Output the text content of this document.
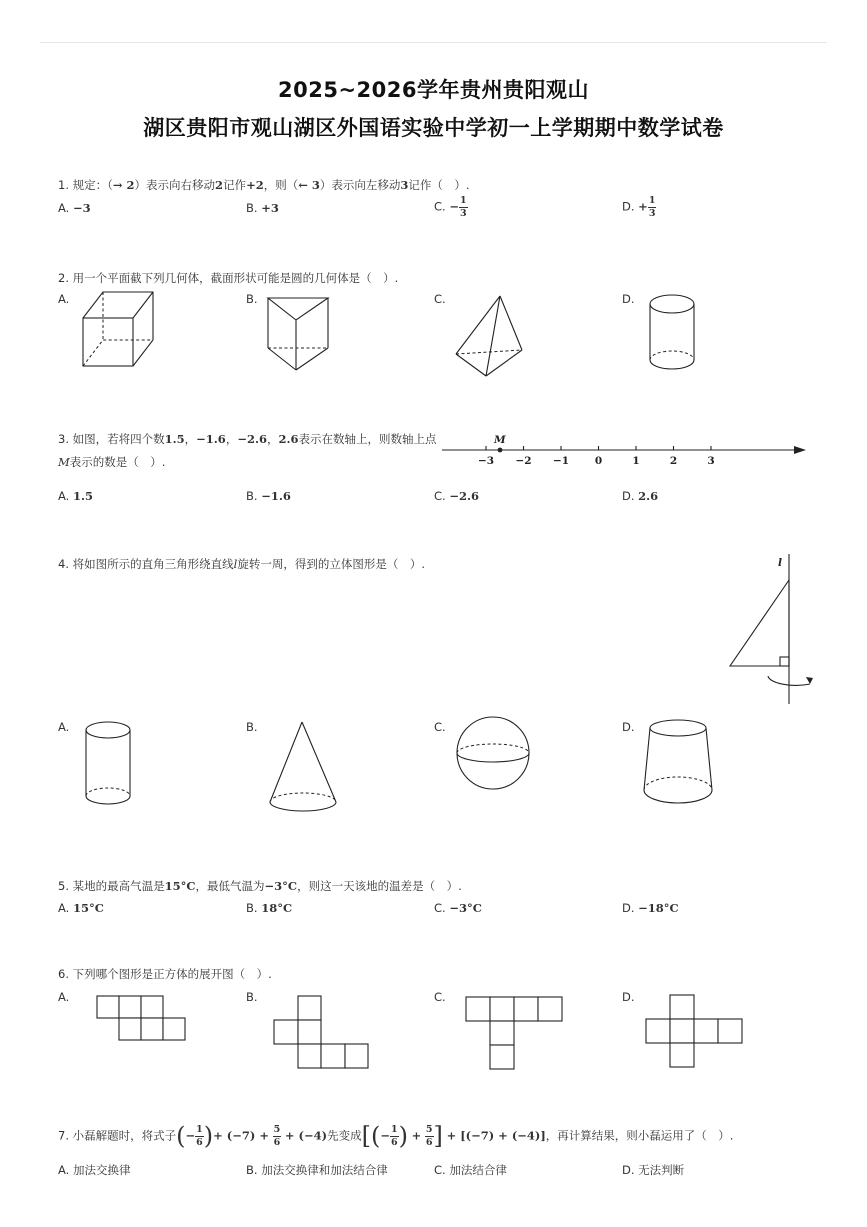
2025~2026学年贵州贵阳观山
湖区贵阳市观山湖区外国语实验中学初一上学期期中数学试卷
1. 规定：（→ 2）表示向右移动2记作+2，则（← 3）表示向左移动3记作（　）.
A. −3	B. +3	C. − $\frac{1}{3}$	D. + $\frac{1}{3}$
2. 用一个平面截下列几何体，截面形状可能是圆的几何体是（　）.
A.	B.	C.	D.
3. 如图，若将四个数1.5，−1.6，−2.6，2.6表示在数轴上，则数轴上点
M表示的数是（　）.	−3 −2 −1 0	1	2	3
M
A. 1.5	B. −1.6	C. −2.6	D. 2.6
4. 将如图所示的直角三角形绕直线l旋转一周，得到的立体图形是（　）.	l
A.	B.	C.	D.
5. 某地的最高气温是15°C，最低气温为−3°C，则这一天该地的温差是（　）.
A. 15°C	B. 18°C	C. −3°C	D. −18°C
6. 下列哪个图形是正方体的展开图（　）.
A.	B.	C.	D.
7. 小磊解题时，将式子(− $\frac{1}{6}$ )+ $(-7) + \frac{5}{6} + (-4)$先变成[(− $\frac{1}{6}$ ) + $\frac{5}{6}$ ] + [(−7) + (−4)]，再计算结果，则小磊运用了（　）.
A. 加法交换律	B. 加法交换律和加法结合律	C. 加法结合律	D. 无法判断
